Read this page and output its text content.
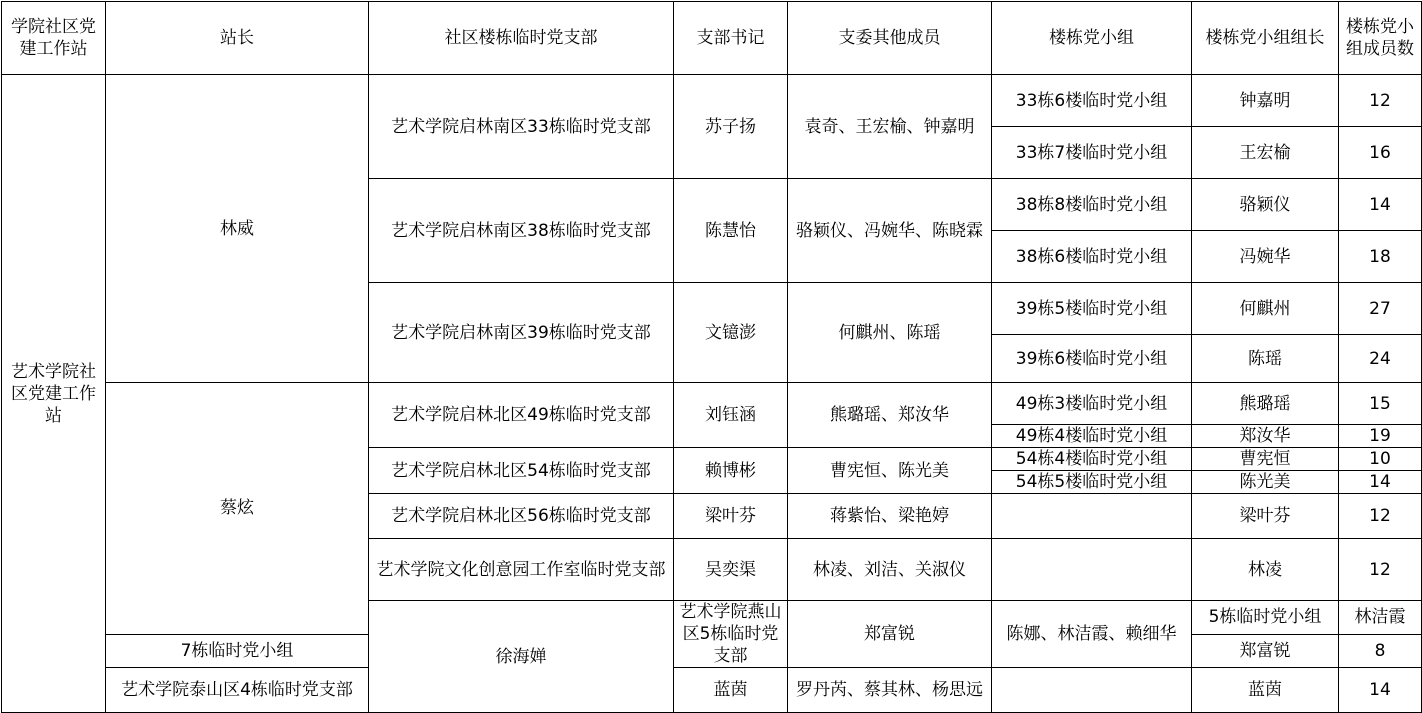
学院社区党建工作站	站长	社区楼栋临时党支部	支部书记	支委其他成员	楼栋党小组	楼栋党小组组长	楼栋党小组成员数	
艺术学院社区党建工作站	林威	艺术学院启林南区33栋临时党支部	苏子扬	袁奇、王宏榆、钟嘉明	33栋6楼临时党小组	钟嘉明	12	
					33栋7楼临时党小组	王宏榆	16	
		艺术学院启林南区38栋临时党支部	陈慧怡	骆颖仪、冯婉华、陈晓霖	38栋8楼临时党小组	骆颖仪	14	
					38栋6楼临时党小组	冯婉华	18	
		艺术学院启林南区39栋临时党支部	文镱澎	何麒州、陈瑶	39栋5楼临时党小组	何麒州	27	
					39栋6楼临时党小组	陈瑶	24	
	蔡炫	艺术学院启林北区49栋临时党支部	刘钰涵	熊璐瑶、郑汝华	49栋3楼临时党小组	熊璐瑶	15	
					49栋4楼临时党小组	郑汝华	19	
		艺术学院启林北区54栋临时党支部	赖博彬	曹宪恒、陈光美	54栋4楼临时党小组	曹宪恒	10	
					54栋5楼临时党小组	陈光美	14	
		艺术学院启林北区56栋临时党支部	梁叶芬	蒋紫怡、梁艳婷		梁叶芬	12	
		艺术学院文化创意园工作室临时党支部	吴奕渠	林凌、刘洁、关淑仪		林凌	12	
		徐海婵	艺术学院燕山区5栋临时党支部	郑富锐	陈娜、林洁霞、赖细华	5栋临时党小组	林洁霞	
	7栋临时党小组					郑富锐	8	
	艺术学院泰山区4栋临时党支部		蓝茵	罗丹芮、蔡其林、杨思远		蓝茵	14	
